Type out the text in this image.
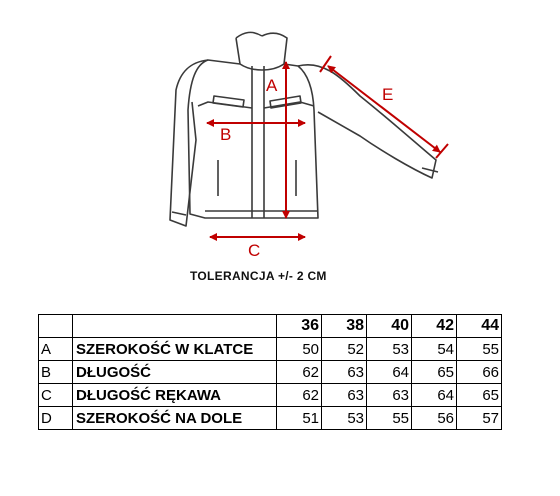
A
B
C
E
TOLERANCJA +/- 2 CM
		36	38	40	42	44
A	SZEROKOŚĆ W KLATCE	50	52	53	54	55
B	DŁUGOŚĆ	62	63	64	65	66
C	DŁUGOŚĆ RĘKAWA	62	63	63	64	65
D	SZEROKOŚĆ NA DOLE	51	53	55	56	57
